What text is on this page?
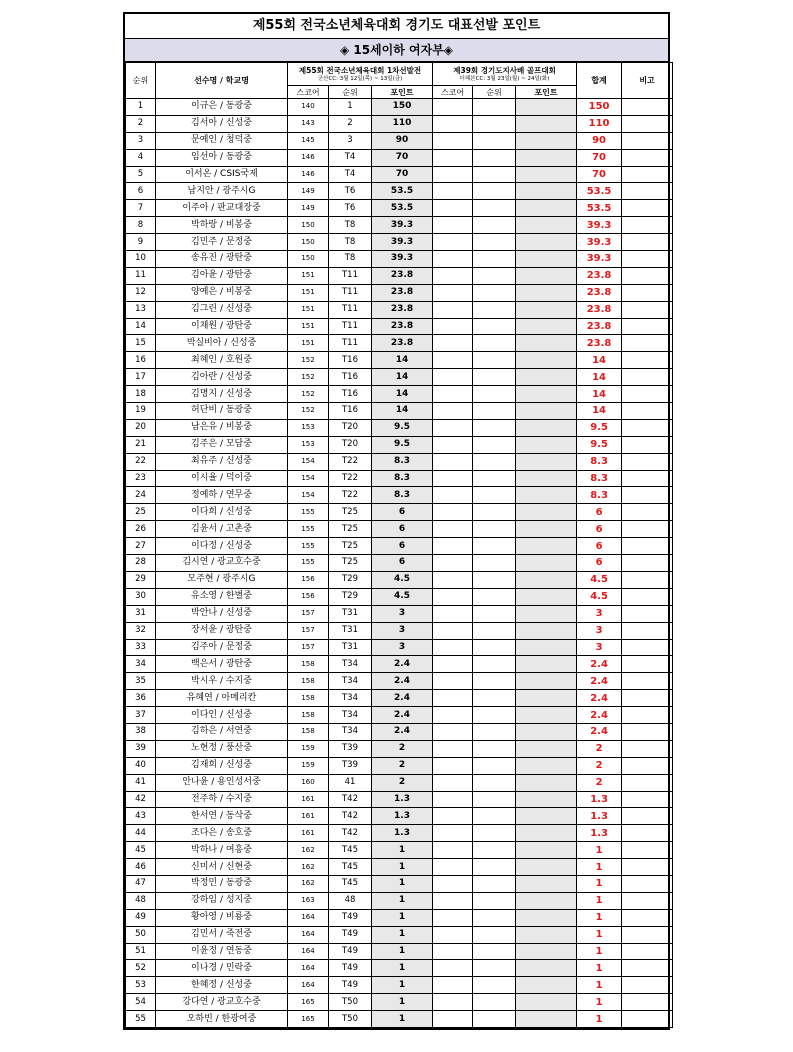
제55회 전국소년체육대회 경기도 대표선발 포인트
◈ 15세이하 여자부◈
순위	선수명 / 학교명	제55회 전국소년체육대회 1차선발전
군산CC: 3월 12일(목) ~ 13일(금)			제39회 경기도지사배 골프대회
더헤븐CC: 3월 23일(월) ~ 24일(화)			합계	비고

		스코어	순위	포인트	스코어	순위	포인트		
1	이규은 / 동광중	140	1	150				150	
2	김서아 / 신성중	143	2	110				110	
3	문예인 / 청덕중	145	3	90				90	
4	임선아 / 동광중	146	T4	70				70	
5	이서온 / CSIS국제	146	T4	70				70	
6	남지안 / 광주시G	149	T6	53.5				53.5	
7	이주아 / 판교대장중	149	T6	53.5				53.5	
8	박하랑 / 비봉중	150	T8	39.3				39.3	
9	김민주 / 문정중	150	T8	39.3				39.3	
10	송유진 / 광탄중	150	T8	39.3				39.3	
11	김아윤 / 광탄중	151	T11	23.8				23.8	
12	양예은 / 비봉중	151	T11	23.8				23.8	
13	김그린 / 신성중	151	T11	23.8				23.8	
14	이채원 / 광탄중	151	T11	23.8				23.8	
15	박실비아 / 신성중	151	T11	23.8				23.8	
16	최혜인 / 호원중	152	T16	14				14	
17	김아란 / 신성중	152	T16	14				14	
18	김명지 / 신성중	152	T16	14				14	
19	허단비 / 동광중	152	T16	14				14	
20	남은유 / 비봉중	153	T20	9.5				9.5	
21	김주은 / 모담중	153	T20	9.5				9.5	
22	최유주 / 신성중	154	T22	8.3				8.3	
23	이시율 / 덕이중	154	T22	8.3				8.3	
24	정예하 / 연무중	154	T22	8.3				8.3	
25	이다희 / 신성중	155	T25	6				6	
26	김윤서 / 고촌중	155	T25	6				6	
27	이다정 / 신성중	155	T25	6				6	
28	김시연 / 광교호수중	155	T25	6				6	
29	모주현 / 광주시G	156	T29	4.5				4.5	
30	유소영 / 한별중	156	T29	4.5				4.5	
31	박안나 / 신성중	157	T31	3				3	
32	장서윤 / 광탄중	157	T31	3				3	
33	김주아 / 문정중	157	T31	3				3	
34	백은서 / 광탄중	158	T34	2.4				2.4	
35	박시우 / 수지중	158	T34	2.4				2.4	
36	유혜연 / 아메리칸	158	T34	2.4				2.4	
37	이다인 / 신성중	158	T34	2.4				2.4	
38	김하은 / 서연중	158	T34	2.4				2.4	
39	노현정 / 풍산중	159	T39	2				2	
40	김재희 / 신성중	159	T39	2				2	
41	안나윤 / 용인성서중	160	41	2				2	
42	전주하 / 수지중	161	T42	1.3				1.3	
43	한서연 / 동삭중	161	T42	1.3				1.3	
44	조다은 / 송호중	161	T42	1.3				1.3	
45	박하나 / 여흥중	162	T45	1				1	
46	신미서 / 신현중	162	T45	1				1	
47	박정민 / 동광중	162	T45	1				1	
48	강하임 / 성지중	163	48	1				1	
49	황아영 / 비룡중	164	T49	1				1	
50	김민서 / 죽전중	164	T49	1				1	
51	이윤정 / 연동중	164	T49	1				1	
52	이나경 / 민락중	164	T49	1				1	
53	한혜정 / 신성중	164	T49	1				1	
54	강다연 / 광교호수중	165	T50	1				1	
55	오하빈 / 한광여중	165	T50	1				1	
